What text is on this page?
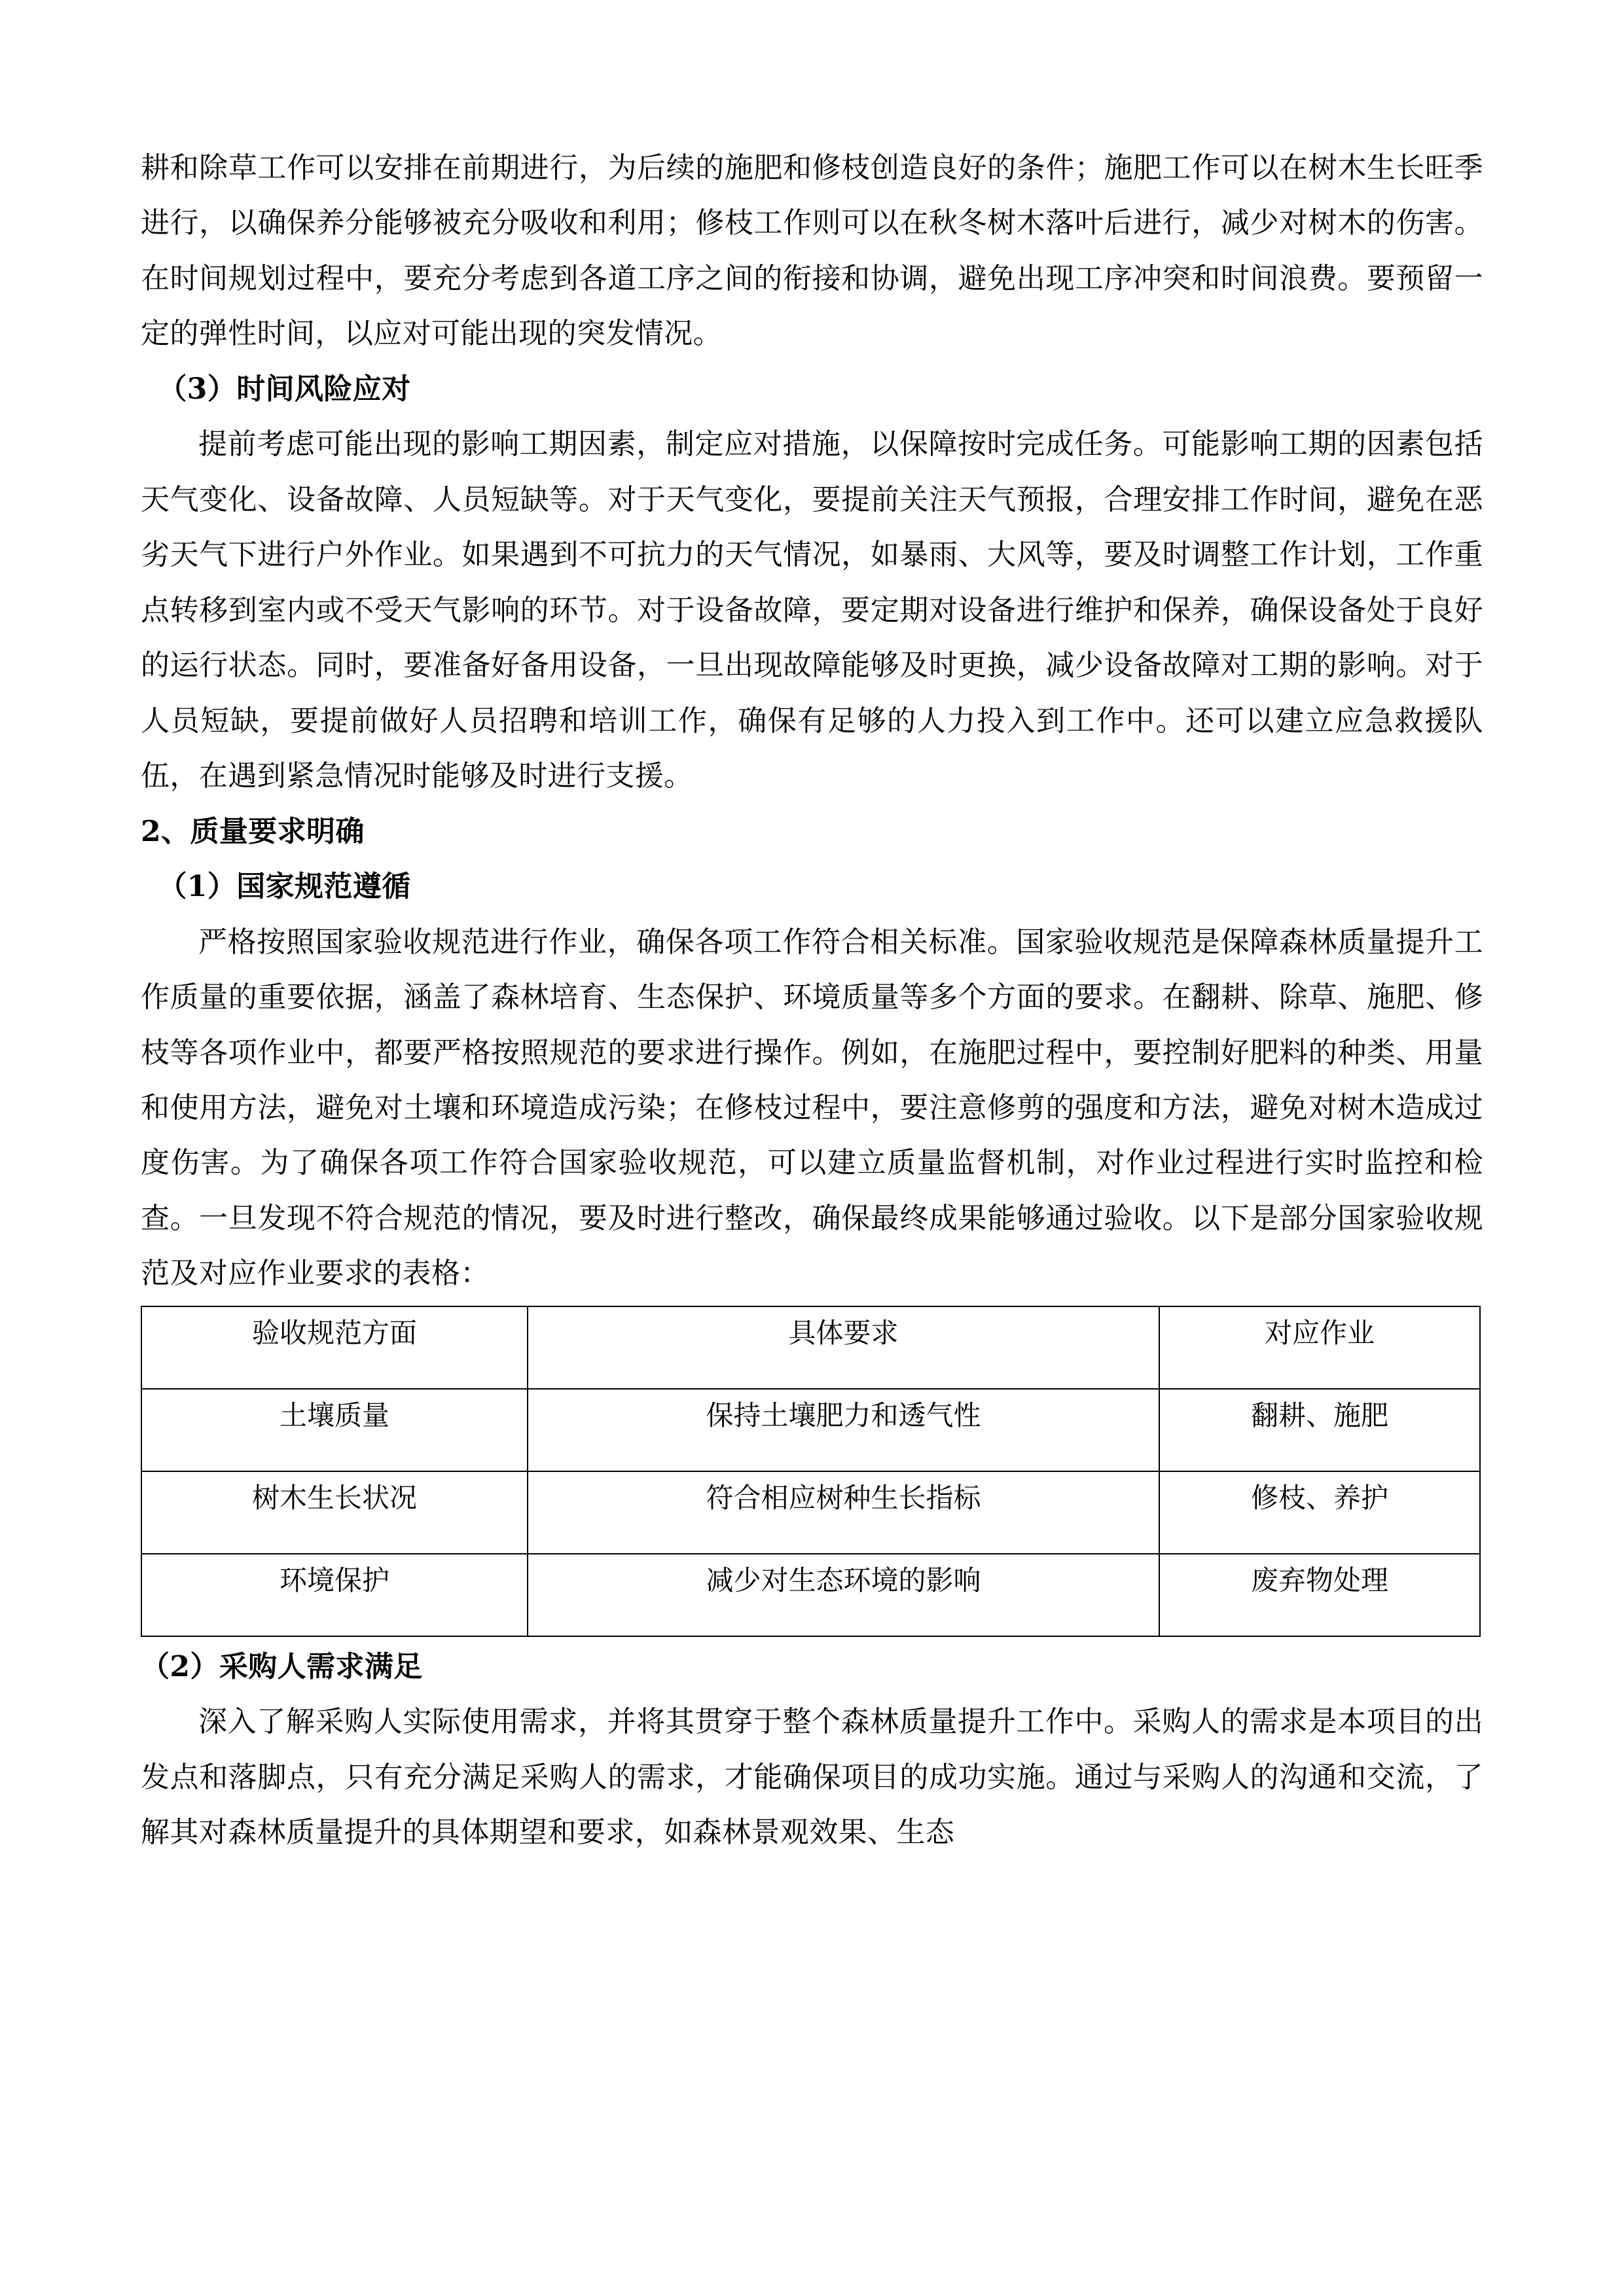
耕和除草工作可以安排在前期进行，为后续的施肥和修枝创造良好的条件；施肥工作可以在树木生长旺季进行，以确保养分能够被充分吸收和利用；修枝工作则可以在秋冬树木落叶后进行，减少对树木的伤害。在时间规划过程中，要充分考虑到各道工序之间的衔接和协调，避免出现工序冲突和时间浪费。要预留一定的弹性时间，以应对可能出现的突发情况。

（3）时间风险应对

提前考虑可能出现的影响工期因素，制定应对措施，以保障按时完成任务。可能影响工期的因素包括天气变化、设备故障、人员短缺等。对于天气变化，要提前关注天气预报，合理安排工作时间，避免在恶劣天气下进行户外作业。如果遇到不可抗力的天气情况，如暴雨、大风等，要及时调整工作计划，工作重点转移到室内或不受天气影响的环节。对于设备故障，要定期对设备进行维护和保养，确保设备处于良好的运行状态。同时，要准备好备用设备，一旦出现故障能够及时更换，减少设备故障对工期的影响。对于人员短缺，要提前做好人员招聘和培训工作，确保有足够的人力投入到工作中。还可以建立应急救援队伍，在遇到紧急情况时能够及时进行支援。

2、质量要求明确

（1）国家规范遵循

严格按照国家验收规范进行作业，确保各项工作符合相关标准。国家验收规范是保障森林质量提升工作质量的重要依据，涵盖了森林培育、生态保护、环境质量等多个方面的要求。在翻耕、除草、施肥、修枝等各项作业中，都要严格按照规范的要求进行操作。例如，在施肥过程中，要控制好肥料的种类、用量和使用方法，避免对土壤和环境造成污染；在修枝过程中，要注意修剪的强度和方法，避免对树木造成过度伤害。为了确保各项工作符合国家验收规范，可以建立质量监督机制，对作业过程进行实时监控和检查。一旦发现不符合规范的情况，要及时进行整改，确保最终成果能够通过验收。以下是部分国家验收规范及对应作业要求的表格：

验收规范方面	具体要求	对应作业
土壤质量	保持土壤肥力和透气性	翻耕、施肥
树木生长状况	符合相应树种生长指标	修枝、养护
环境保护	减少对生态环境的影响	废弃物处理

（2）采购人需求满足

深入了解采购人实际使用需求，并将其贯穿于整个森林质量提升工作中。采购人的需求是本项目的出发点和落脚点，只有充分满足采购人的需求，才能确保项目的成功实施。通过与采购人的沟通和交流，了解其对森林质量提升的具体期望和要求，如森林景观效果、生态
